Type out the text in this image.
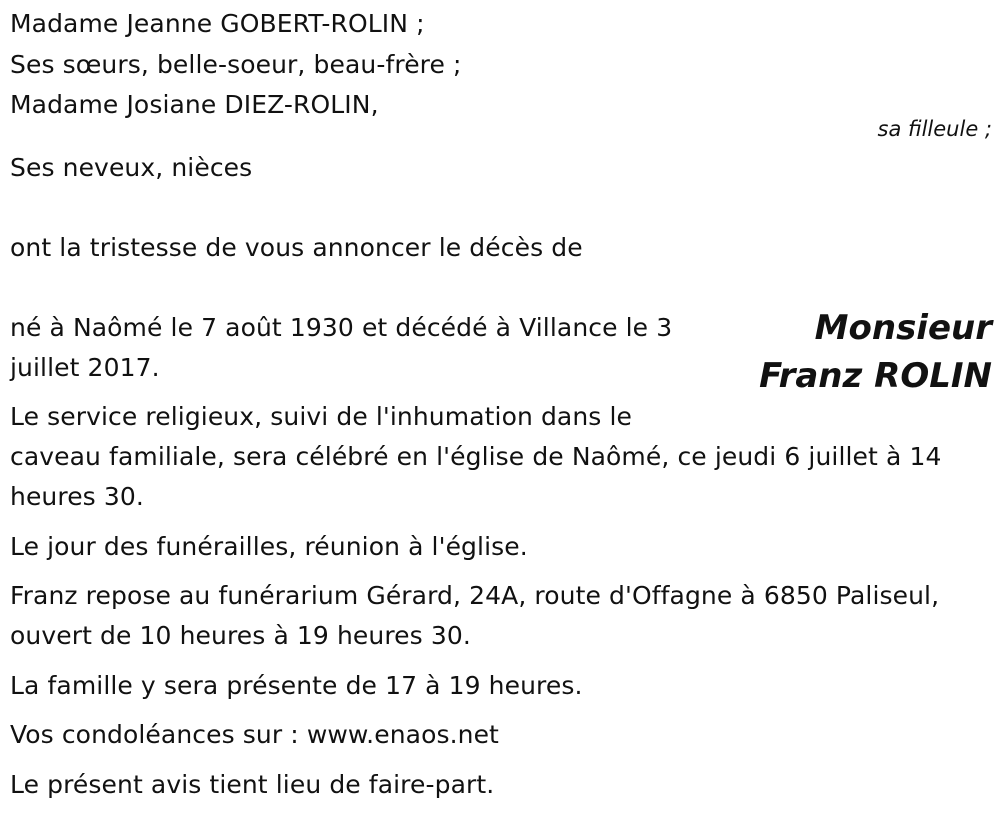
Madame Jeanne GOBERT-ROLIN ;
Ses sœurs, belle-soeur, beau-frère ;
Madame Josiane DIEZ-ROLIN,
sa filleule ;
Ses neveux, nièces
ont la tristesse de vous annoncer le décès de
Monsieur
Franz ROLIN
né à Naômé le 7 août 1930 et décédé à Villance le 3
juillet 2017.
Le service religieux, suivi de l'inhumation dans le
caveau familiale, sera célébré en l'église de Naômé, ce jeudi 6 juillet à 14
heures 30.
Le jour des funérailles, réunion à l'église.
Franz repose au funérarium Gérard, 24A, route d'Offagne à 6850 Paliseul,
ouvert de 10 heures à 19 heures 30.
La famille y sera présente de 17 à 19 heures.
Vos condoléances sur : www.enaos.net
Le présent avis tient lieu de faire-part.
